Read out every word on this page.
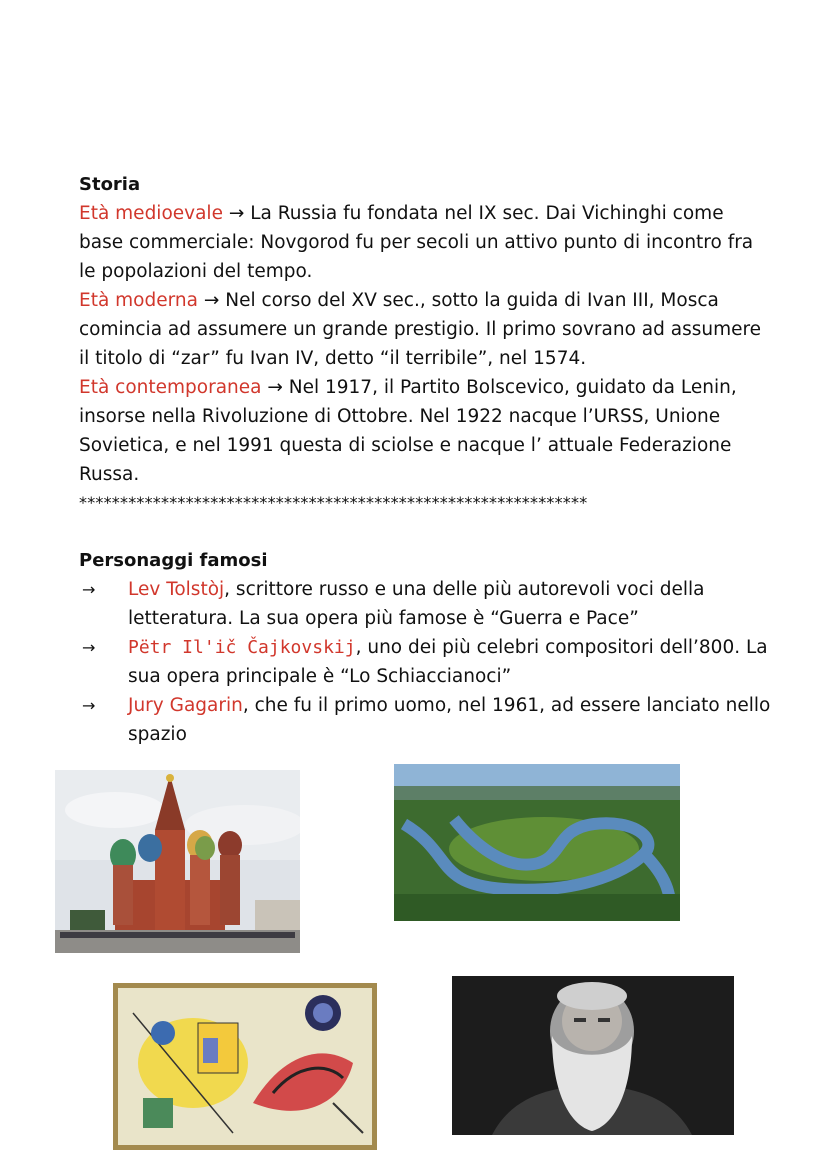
Storia

Età medioevale → La Russia fu fondata nel IX sec. Dai Vichinghi come base commerciale: Novgorod fu per secoli un attivo punto di incontro fra le popolazioni del tempo.

Età moderna → Nel corso del XV sec., sotto la guida di Ivan III, Mosca comincia ad assumere un grande prestigio. Il primo sovrano ad assumere il titolo di “zar” fu Ivan IV, detto “il terribile”, nel 1574.

Età contemporanea → Nel 1917, il Partito Bolscevico, guidato da Lenin, insorse nella Rivoluzione di Ottobre. Nel 1922 nacque l’URSS, Unione Sovietica, e nel 1991 questa di sciolse e nacque l’ attuale Federazione Russa.

**************************************************************
Personaggi famosi
→ Lev Tolstòj, scrittore russo e una delle più autorevoli voci della letteratura. La sua opera più famose è “Guerra e Pace”
→ Pëtr Il'ič Čajkovskij, uno dei più celebri compositori dell’800. La sua opera principale è “Lo Schiaccianoci”
→ Jury Gagarin, che fu il primo uomo, nel 1961, ad essere lanciato nello spazio
